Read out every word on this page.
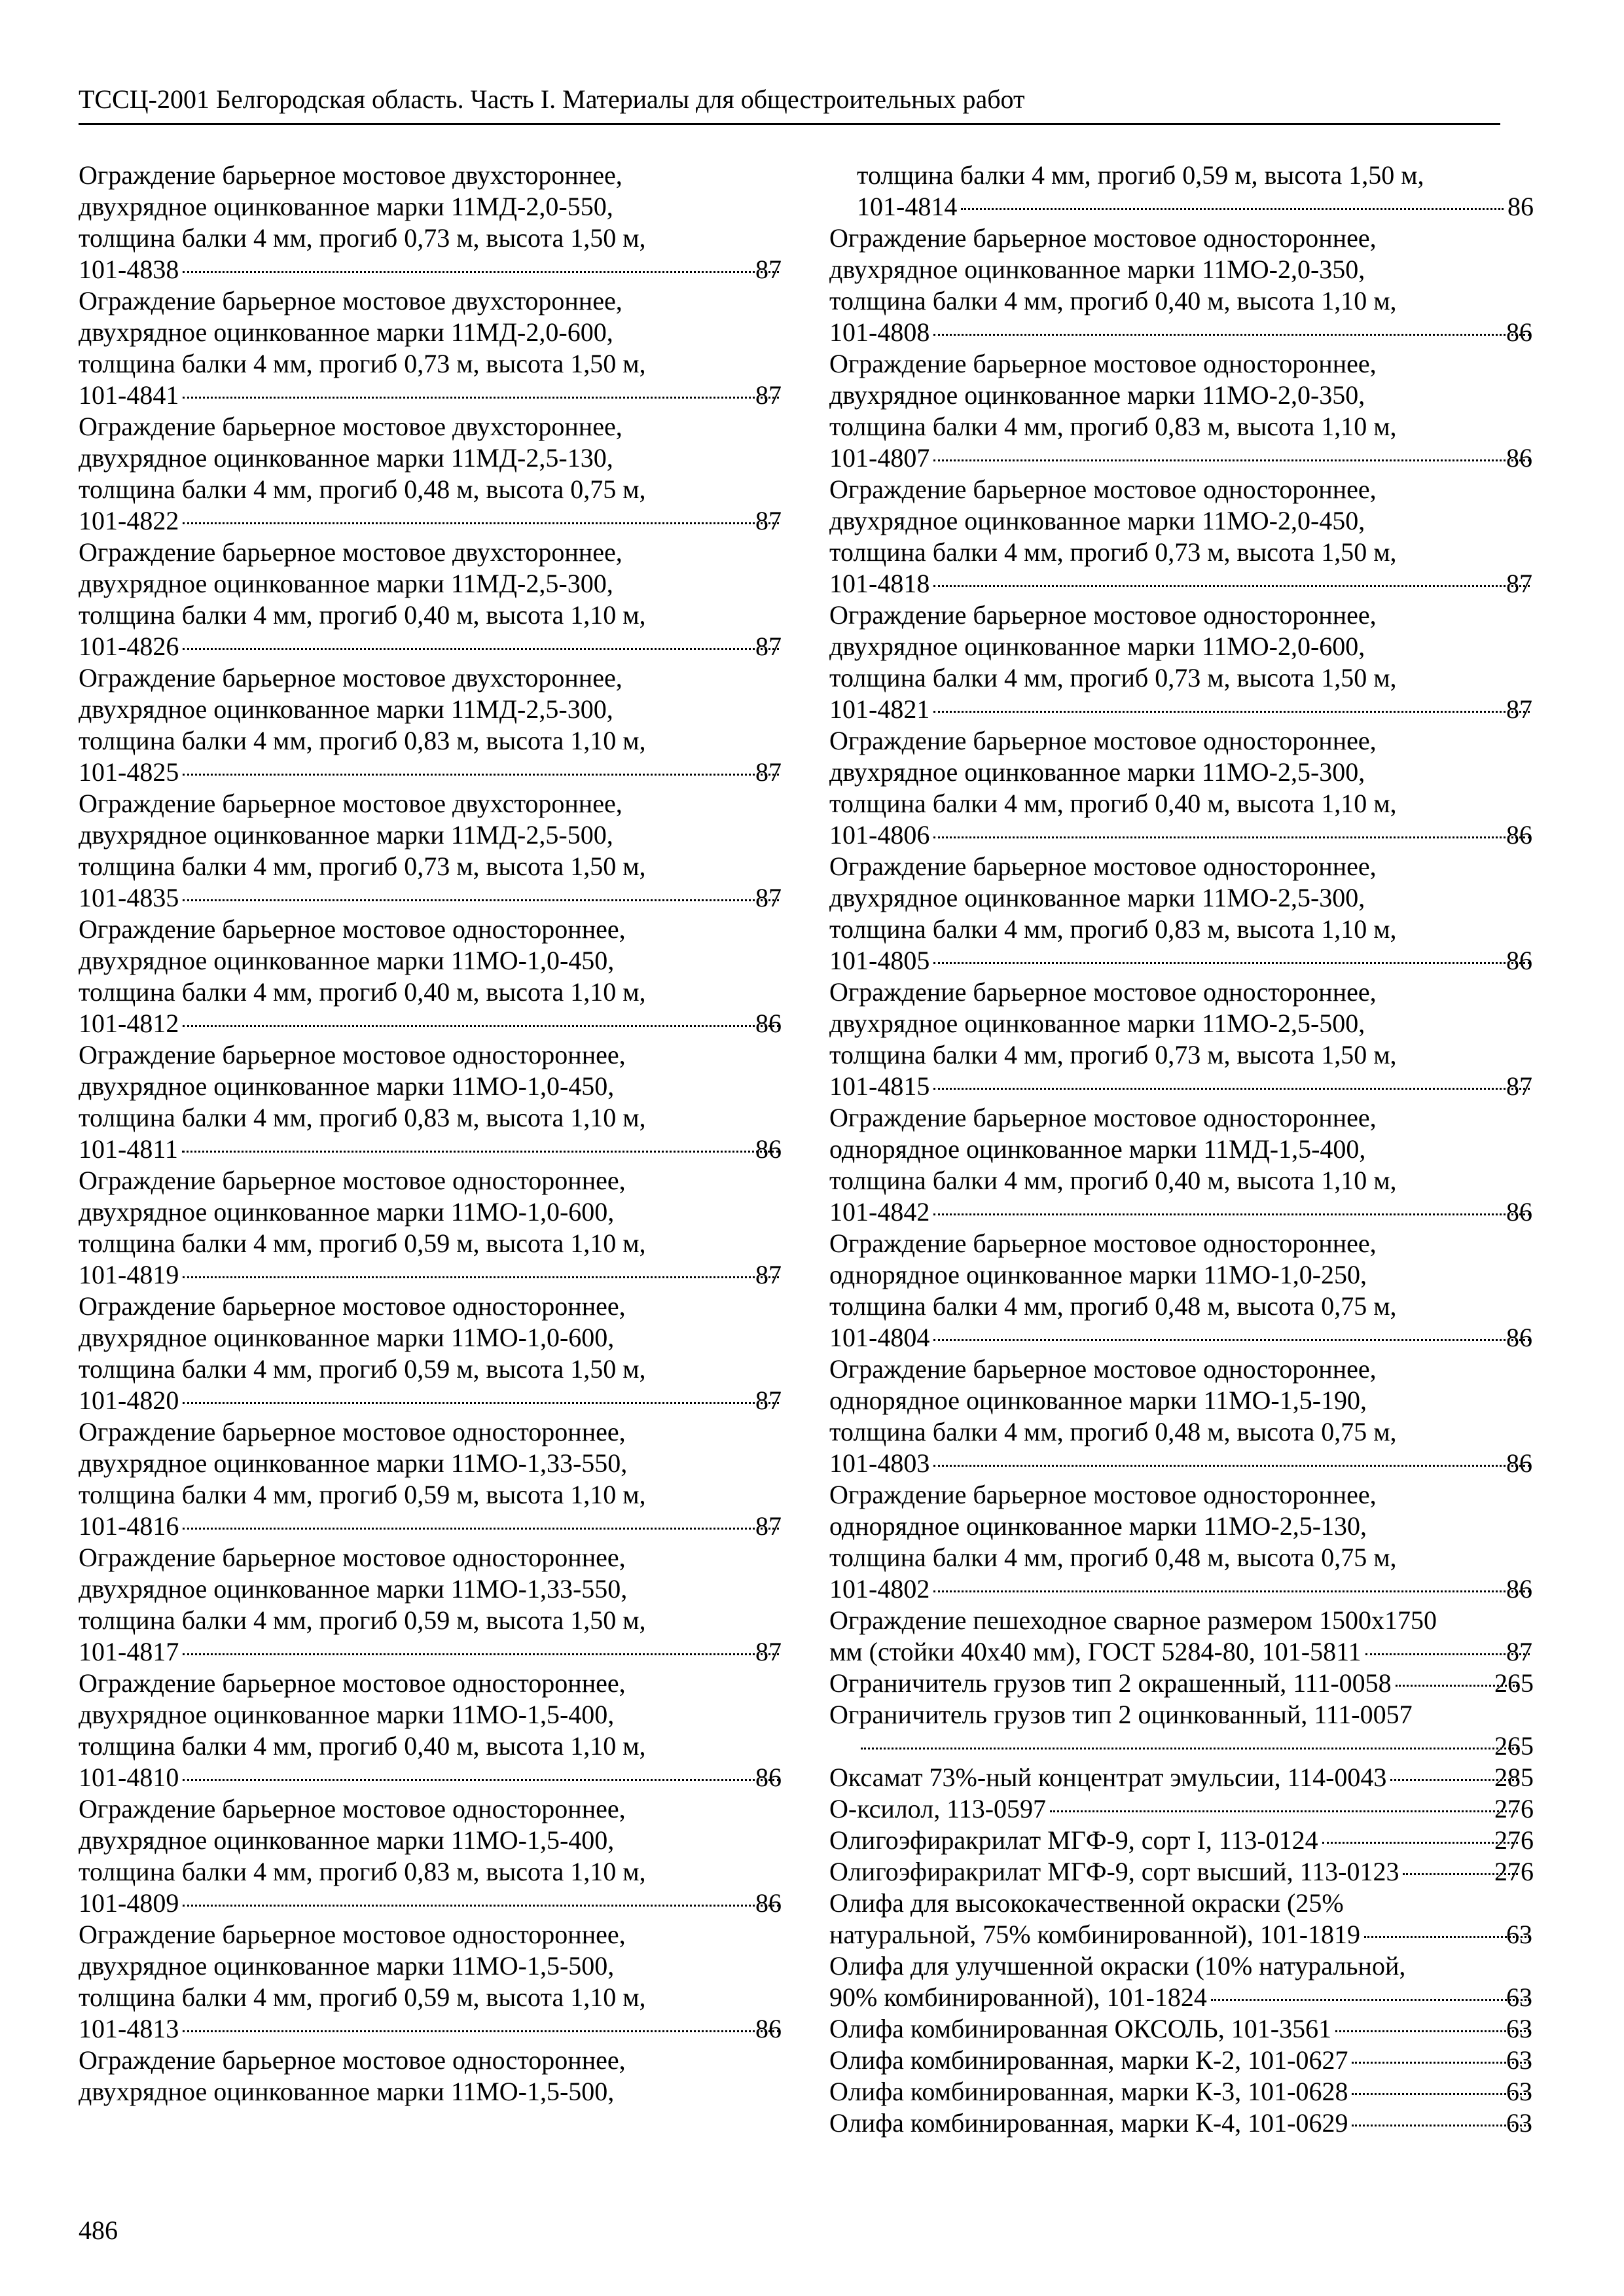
ТССЦ-2001 Белгородская область. Часть I. Материалы для общестроительных работ
Ограждение барьерное мостовое двухстороннее,
двухрядное оцинкованное марки 11МД-2,0-550,
толщина балки 4 мм, прогиб 0,73 м, высота 1,50 м,
101-4838	87
Ограждение барьерное мостовое двухстороннее,
двухрядное оцинкованное марки 11МД-2,0-600,
толщина балки 4 мм, прогиб 0,73 м, высота 1,50 м,
101-4841	87
Ограждение барьерное мостовое двухстороннее,
двухрядное оцинкованное марки 11МД-2,5-130,
толщина балки 4 мм, прогиб 0,48 м, высота 0,75 м,
101-4822	87
Ограждение барьерное мостовое двухстороннее,
двухрядное оцинкованное марки 11МД-2,5-300,
толщина балки 4 мм, прогиб 0,40 м, высота 1,10 м,
101-4826	87
Ограждение барьерное мостовое двухстороннее,
двухрядное оцинкованное марки 11МД-2,5-300,
толщина балки 4 мм, прогиб 0,83 м, высота 1,10 м,
101-4825	87
Ограждение барьерное мостовое двухстороннее,
двухрядное оцинкованное марки 11МД-2,5-500,
толщина балки 4 мм, прогиб 0,73 м, высота 1,50 м,
101-4835	87
Ограждение барьерное мостовое одностороннее,
двухрядное оцинкованное марки 11МО-1,0-450,
толщина балки 4 мм, прогиб 0,40 м, высота 1,10 м,
101-4812	86
Ограждение барьерное мостовое одностороннее,
двухрядное оцинкованное марки 11МО-1,0-450,
толщина балки 4 мм, прогиб 0,83 м, высота 1,10 м,
101-4811	86
Ограждение барьерное мостовое одностороннее,
двухрядное оцинкованное марки 11МО-1,0-600,
толщина балки 4 мм, прогиб 0,59 м, высота 1,10 м,
101-4819	87
Ограждение барьерное мостовое одностороннее,
двухрядное оцинкованное марки 11МО-1,0-600,
толщина балки 4 мм, прогиб 0,59 м, высота 1,50 м,
101-4820	87
Ограждение барьерное мостовое одностороннее,
двухрядное оцинкованное марки 11МО-1,33-550,
толщина балки 4 мм, прогиб 0,59 м, высота 1,10 м,
101-4816	87
Ограждение барьерное мостовое одностороннее,
двухрядное оцинкованное марки 11МО-1,33-550,
толщина балки 4 мм, прогиб 0,59 м, высота 1,50 м,
101-4817	87
Ограждение барьерное мостовое одностороннее,
двухрядное оцинкованное марки 11МО-1,5-400,
толщина балки 4 мм, прогиб 0,40 м, высота 1,10 м,
101-4810	86
Ограждение барьерное мостовое одностороннее,
двухрядное оцинкованное марки 11МО-1,5-400,
толщина балки 4 мм, прогиб 0,83 м, высота 1,10 м,
101-4809	86
Ограждение барьерное мостовое одностороннее,
двухрядное оцинкованное марки 11МО-1,5-500,
толщина балки 4 мм, прогиб 0,59 м, высота 1,10 м,
101-4813	86
Ограждение барьерное мостовое одностороннее,
двухрядное оцинкованное марки 11МО-1,5-500,
толщина балки 4 мм, прогиб 0,59 м, высота 1,50 м,
101-4814	86
Ограждение барьерное мостовое одностороннее,
двухрядное оцинкованное марки 11МО-2,0-350,
толщина балки 4 мм, прогиб 0,40 м, высота 1,10 м,
101-4808	86
Ограждение барьерное мостовое одностороннее,
двухрядное оцинкованное марки 11МО-2,0-350,
толщина балки 4 мм, прогиб 0,83 м, высота 1,10 м,
101-4807	86
Ограждение барьерное мостовое одностороннее,
двухрядное оцинкованное марки 11МО-2,0-450,
толщина балки 4 мм, прогиб 0,73 м, высота 1,50 м,
101-4818	87
Ограждение барьерное мостовое одностороннее,
двухрядное оцинкованное марки 11МО-2,0-600,
толщина балки 4 мм, прогиб 0,73 м, высота 1,50 м,
101-4821	87
Ограждение барьерное мостовое одностороннее,
двухрядное оцинкованное марки 11МО-2,5-300,
толщина балки 4 мм, прогиб 0,40 м, высота 1,10 м,
101-4806	86
Ограждение барьерное мостовое одностороннее,
двухрядное оцинкованное марки 11МО-2,5-300,
толщина балки 4 мм, прогиб 0,83 м, высота 1,10 м,
101-4805	86
Ограждение барьерное мостовое одностороннее,
двухрядное оцинкованное марки 11МО-2,5-500,
толщина балки 4 мм, прогиб 0,73 м, высота 1,50 м,
101-4815	87
Ограждение барьерное мостовое одностороннее,
однорядное оцинкованное марки 11МД-1,5-400,
толщина балки 4 мм, прогиб 0,40 м, высота 1,10 м,
101-4842	86
Ограждение барьерное мостовое одностороннее,
однорядное оцинкованное марки 11МО-1,0-250,
толщина балки 4 мм, прогиб 0,48 м, высота 0,75 м,
101-4804	86
Ограждение барьерное мостовое одностороннее,
однорядное оцинкованное марки 11МО-1,5-190,
толщина балки 4 мм, прогиб 0,48 м, высота 0,75 м,
101-4803	86
Ограждение барьерное мостовое одностороннее,
однорядное оцинкованное марки 11МО-2,5-130,
толщина балки 4 мм, прогиб 0,48 м, высота 0,75 м,
101-4802	86
Ограждение пешеходное сварное размером 1500x1750
мм (стойки 40x40 мм), ГОСТ 5284-80, 101-5811	87
Ограничитель грузов тип 2 окрашенный, 111-0058	265
Ограничитель грузов тип 2 оцинкованный, 111-0057
265
Оксамат 73%-ный концентрат эмульсии, 114-0043	285
О-ксилол, 113-0597	276
Олигоэфиракрилат МГФ-9, сорт I, 113-0124	276
Олигоэфиракрилат МГФ-9, сорт высший, 113-0123	276
Олифа для высококачественной окраски (25%
натуральной, 75% комбинированной), 101-1819	63
Олифа для улучшенной окраски (10% натуральной,
90% комбинированной), 101-1824	63
Олифа комбинированная ОКСОЛЬ, 101-3561	63
Олифа комбинированная, марки К-2, 101-0627	63
Олифа комбинированная, марки К-3, 101-0628	63
Олифа комбинированная, марки К-4, 101-0629	63
486
